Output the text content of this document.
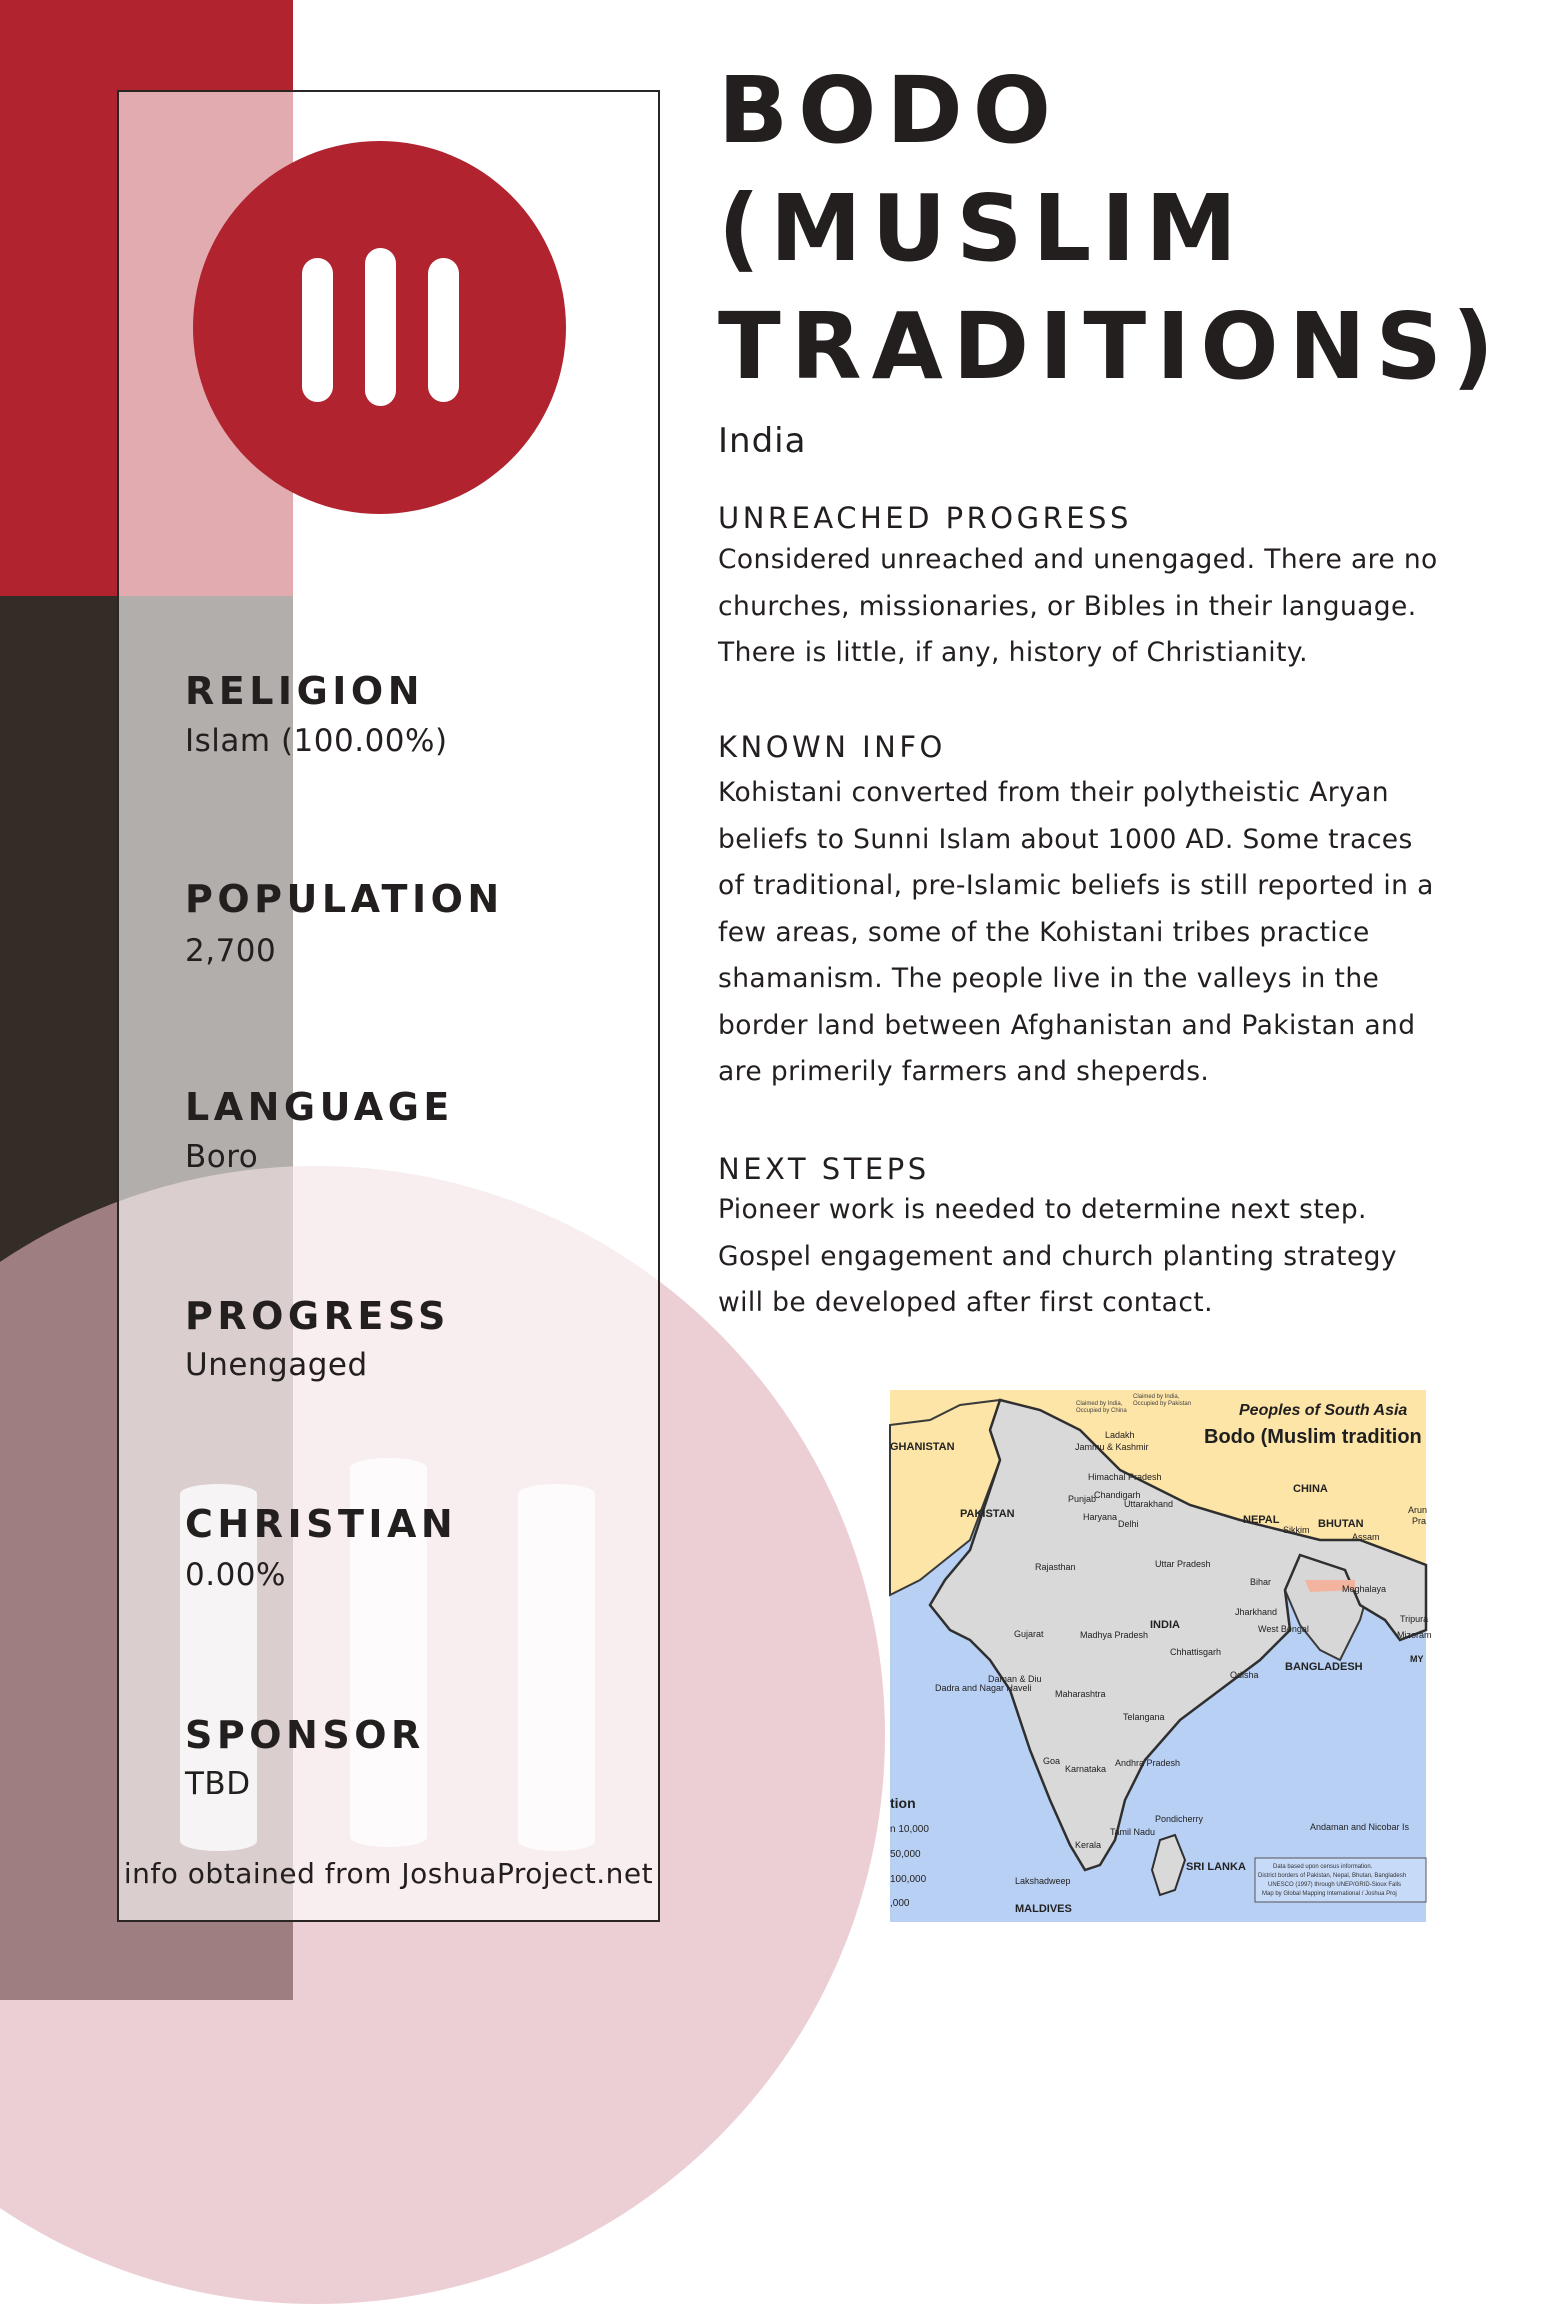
RELIGION
Islam (100.00%)
POPULATION
2,700
LANGUAGE
Boro
PROGRESS
Unengaged
CHRISTIAN
0.00%
SPONSOR
TBD
info obtained from JoshuaProject.net
BODO (MUSLIM TRADITIONS)
India
UNREACHED PROGRESS
Considered unreached and unengaged. There are no churches, missionaries, or Bibles in their language. There is little, if any, history of Christianity.
KNOWN INFO
Kohistani converted from their polytheistic Aryan beliefs to Sunni Islam about 1000 AD. Some traces of traditional, pre-Islamic beliefs is still reported in a few areas, some of the Kohistani tribes practice shamanism. The people live in the valleys in the border land between Afghanistan and Pakistan and are primerily farmers and sheperds.
NEXT STEPS
Pioneer work is needed to determine next step. Gospel engagement and church planting strategy will be developed after first contact.
Peoples of South Asia
Bodo (Muslim tradition
GHANISTAN
PAKISTAN
CHINA
NEPAL	BHUTAN
INDIA
BANGLADESH
SRI LANKA
MALDIVES
Jammu & Kashmir
Ladakh
Himachal Pradesh
Punjab
Chandigarh
Uttarakhand
Haryana
Delhi
Rajasthan	Uttar Pradesh
Sikkim
Assam
Bihar
Meghalaya
Jharkhand
West Bengal
Gujarat	Madhya Pradesh
Chhattisgarh
Odisha
Daman & Diu
Dadra and Nagar Haveli
Maharashtra
Telangana
Goa
Karnataka
Andhra Pradesh
Kerala
Tamil Nadu
Pondicherry
Lakshadweep
Andaman and Nicobar Is
Tripura
Mizoram
MY
Arun
Pra
tion
n 10,000
50,000
100,000
,000
Claimed by India,
Occupied by China
Claimed by India,
Occupied by Pakistan
Data based upon census information.
District borders of Pakistan, Nepal, Bhutan, Bangladesh
UNESCO (1997) through UNEP/GRID-Sioux Falls
Map by Global Mapping International / Joshua Proj
